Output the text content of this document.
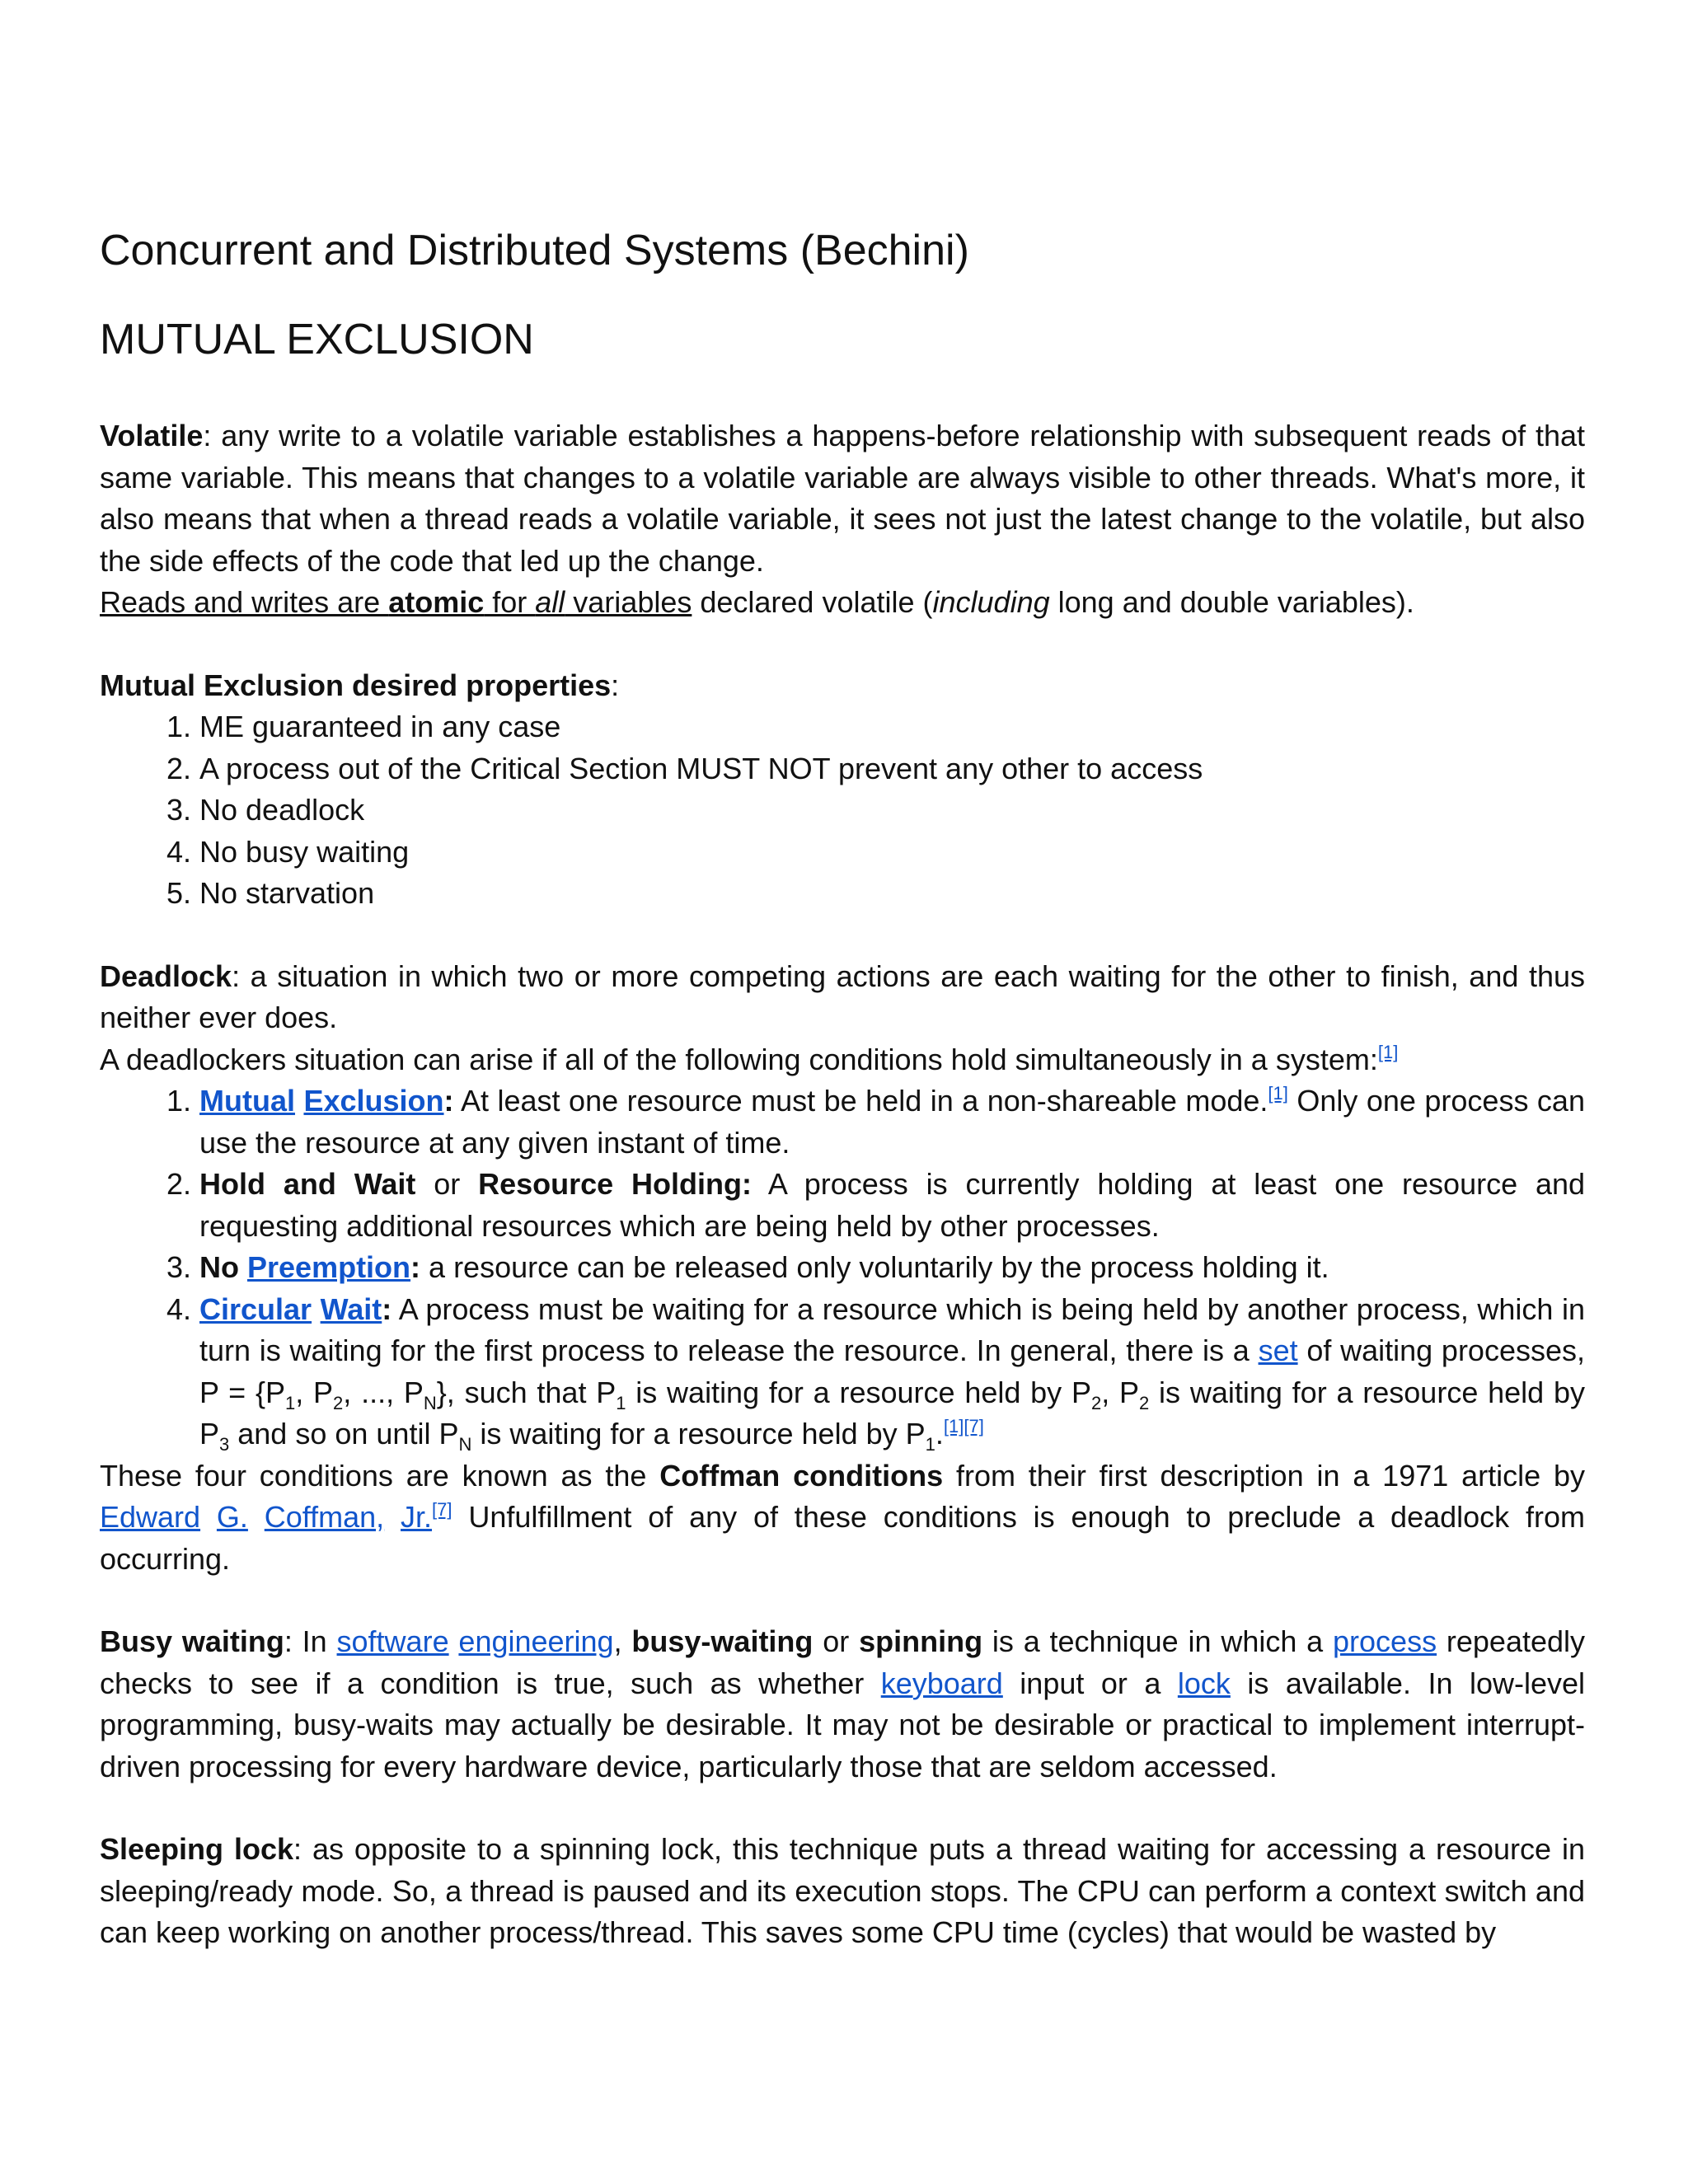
Concurrent and Distributed Systems (Bechini)
MUTUAL EXCLUSION

Volatile: any write to a volatile variable establishes a happens-before relationship with subsequent reads of that same variable. This means that changes to a volatile variable are always visible to other threads. What's more, it also means that when a thread reads a volatile variable, it sees not just the latest change to the volatile, but also the side effects of the code that led up the change.

Reads and writes are atomic for all variables declared volatile (including long and double variables).

Mutual Exclusion desired properties:

1. ME guaranteed in any case
2. A process out of the Critical Section MUST NOT prevent any other to access
3. No deadlock
4. No busy waiting
5. No starvation

Deadlock: a situation in which two or more competing actions are each waiting for the other to finish, and thus neither ever does.

A deadlockers situation can arise if all of the following conditions hold simultaneously in a system:[1]

1. Mutual Exclusion: At least one resource must be held in a non-shareable mode.[1] Only one process can use the resource at any given instant of time.
2. Hold and Wait or Resource Holding: A process is currently holding at least one resource and requesting additional resources which are being held by other processes.
3. No Preemption: a resource can be released only voluntarily by the process holding it.
4. Circular Wait: A process must be waiting for a resource which is being held by another process, which in turn is waiting for the first process to release the resource. In general, there is a set of waiting processes, $P = \{P_1$, $P_2$, ..., $P_N$}, such that $P_1$ is waiting for a resource held by $P_2$, $P_2$ is waiting for a resource held by $P_3$ and so on until $P_N$ is waiting for a resource held by $P_1.[1][7]$

These four conditions are known as the Coffman conditions from their first description in a 1971 article by Edward G. Coffman, Jr.[7] Unfulfillment of any of these conditions is enough to preclude a deadlock from occurring.

Busy waiting: In software engineering, busy-waiting or spinning is a technique in which a process repeatedly checks to see if a condition is true, such as whether keyboard input or a lock is available. In low-level programming, busy-waits may actually be desirable. It may not be desirable or practical to implement interrupt-driven processing for every hardware device, particularly those that are seldom accessed.

Sleeping lock: as opposite to a spinning lock, this technique puts a thread waiting for accessing a resource in sleeping/ready mode. So, a thread is paused and its execution stops. The CPU can perform a context switch and can keep working on another process/thread. This saves some CPU time (cycles) that would be wasted by
